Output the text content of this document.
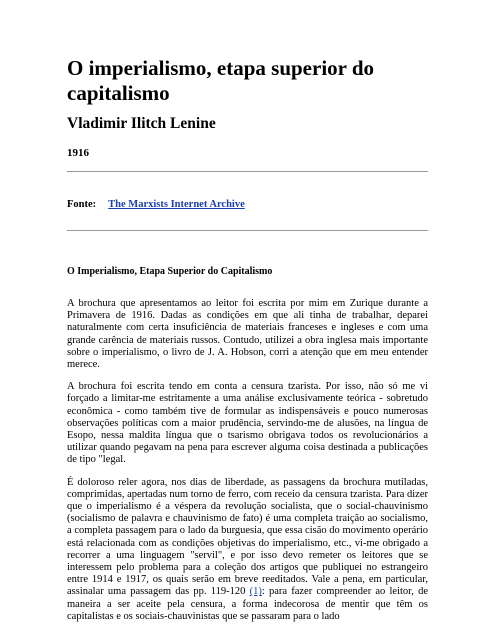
O imperialismo, etapa superior do capitalismo
Vladimir Ilitch Lenine
1916
Fonte: The Marxists Internet Archive
O Imperialismo, Etapa Superior do Capitalismo

A brochura que apresentamos ao leitor foi escrita por mim em Zurique durante a Primavera de 1916. Dadas as condições em que ali tinha de trabalhar, deparei naturalmente com certa insuficiência de materiais franceses e ingleses e com uma grande carência de materiais russos. Contudo, utilizei a obra inglesa mais importante sobre o imperialismo, o livro de J. A. Hobson, corri a atenção que em meu entender merece.

A brochura foi escrita tendo em conta a censura tzarista. Por isso, não só me vi forçado a limitar-me estritamente a uma análise exclusivamente teórica - sobretudo econômica - como também tive de formular as indispensáveis e pouco numerosas observações políticas com a maior prudência, servindo-me de alusões, na língua de Esopo, nessa maldita língua que o tsarismo obrigava todos os revolucionários a utilizar quando pegavam na pena para escrever alguma coisa destinada a publicações de tipo "legal.

É doloroso reler agora, nos dias de liberdade, as passagens da brochura mutiladas, comprimidas, apertadas num torno de ferro, com receio da censura tzarista. Para dizer que o imperialismo é a véspera da revolução socialista, que o social-chauvinismo (socialismo de palavra e chauvinismo de fato) é uma completa traição ao socialismo, a completa passagem para o lado da burguesia, que essa cisão do movimento operário está relacionada com as condições objetivas do imperialismo, etc., vi-me obrigado a recorrer a uma linguagem "servil", e por isso devo remeter os leitores que se interessem pelo problema para a coleção dos artigos que publiquei no estrangeiro entre 1914 e 1917, os quais serão em breve reeditados. Vale a pena, em particular, assinalar uma passagem das pp. 119-120 (1): para fazer compreender ao leitor, de maneira a ser aceite pela censura, a forma indecorosa de mentir que têm os capitalistas e os sociais-chauvinistas que se passaram para o lado
